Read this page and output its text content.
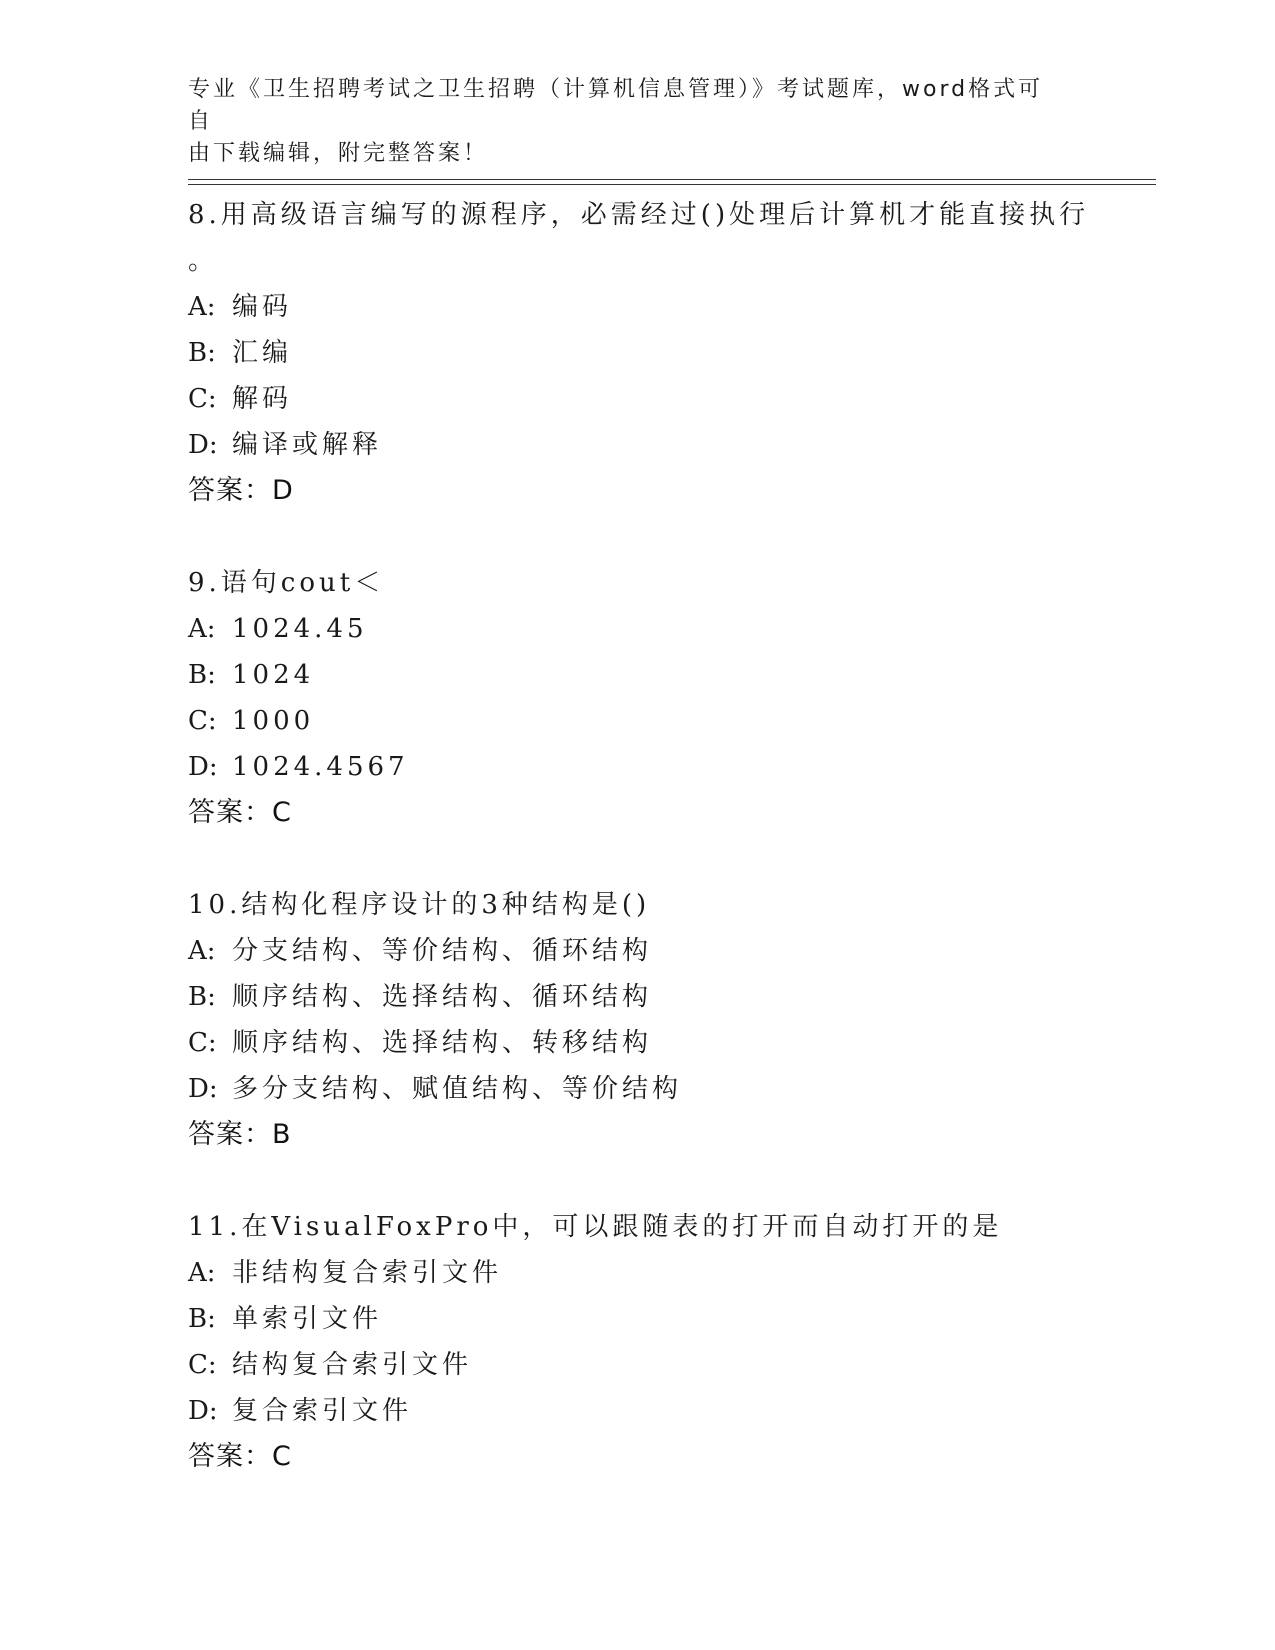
专业《卫生招聘考试之卫生招聘（计算机信息管理）》考试题库，word格式可自
由下载编辑，附完整答案！

8.用高级语言编写的源程序，必需经过()处理后计算机才能直接执行

。

A: 编码
B: 汇编
C: 解码
D: 编译或解释
答案：D

9.语句cout＜

A: 1024.45
B: 1024
C: 1000
D: 1024.4567
答案：C

10.结构化程序设计的3种结构是()

A: 分支结构、等价结构、循环结构
B: 顺序结构、选择结构、循环结构
C: 顺序结构、选择结构、转移结构
D: 多分支结构、赋值结构、等价结构
答案：B

11.在VisualFoxPro中，可以跟随表的打开而自动打开的是

A: 非结构复合索引文件
B: 单索引文件
C: 结构复合索引文件
D: 复合索引文件
答案：C
